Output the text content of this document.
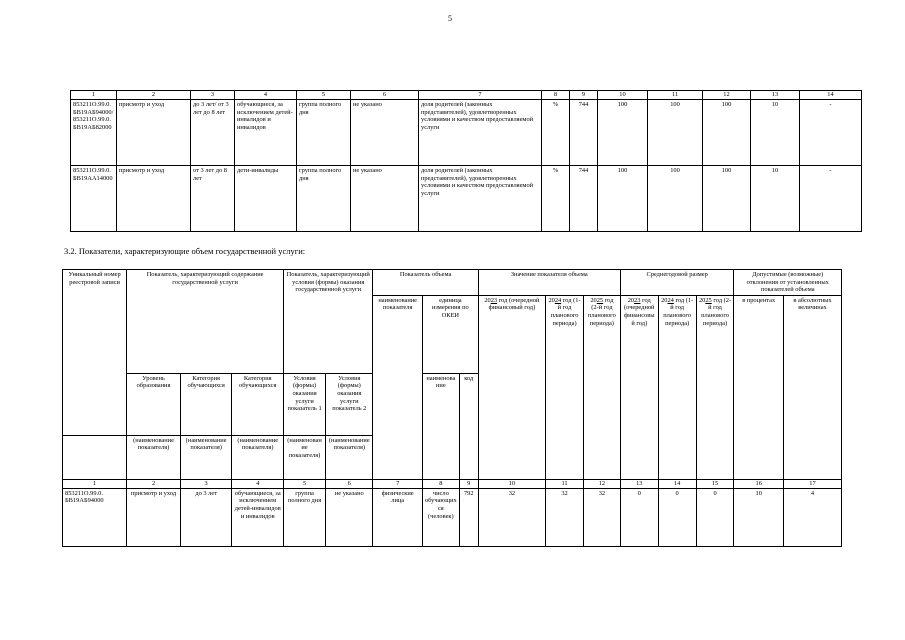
5
1	2	3	4	5	6	7	8	9	10	11	12	13	14
853211О.99.0. БВ19АБ94000/ 853211О.99.0. БВ19АБ82000	присмотр и уход	до 3 лет/ от 3 лет до 8 лет	обучающиеся, за исключением детей-инвалидов и инвалидов	группа полного дня	не указано	доля родителей (законных представителей), удовлетворенных условиями и качеством предоставляемой услуги	%	744	100	100	100	10	-
853211О.99.0. БВ19АА14000	присмотр и уход	от 3 лет до 8 лет	дети-инвалиды	группа полного дня	не указано	доля родителей (законных представителей), удовлетворенных условиями и качеством предоставляемой услуги	%	744	100	100	100	10	-
3.2. Показатели, характеризующие объем государственной услуги:
Уникальный номер реестровой записи	Показатель, характеризующий содержание государственной услуги			Показатель, характеризующий условия (формы) оказания государственной услуги		Показатель объема			Значение показателя объема			Среднегодовой размер			Допустимые (возможные) отклонения от установленных показателей объема	
						наименование показателя	единица измерения по ОКЕИ		2023 год (очередной финансовый год)	2024 год (1-й год планового периода)	2025 год (2-й год планового периода)	2023 год (очередной финансовый год)	2024 год (1-й год планового периода)	2025 год (2-й год планового периода)	в процентах	в абсолютных величинах
	Уровень образования	Категория обучающихся	Категория обучающихся	Условия (формы) оказания услуги показатель 1	Условия (формы) оказания услуги показатель 2		наименование	код								
	(наименование показателя)	(наименование показателя)	(наименование показателя)	(наименование показателя)	(наименование показателя)											
1	2	3	4	5	6	7	8	9	10	11	12	13	14	15	16	17
853211О.99.0. БВ19АБ94000	присмотр и уход	до 3 лет	обучающиеся, за исключением детей-инвалидов и инвалидов	группа полного дня	не указано	физические лица	число обучающихся (человек)	792	32	32	32	0	0	0	10	4
